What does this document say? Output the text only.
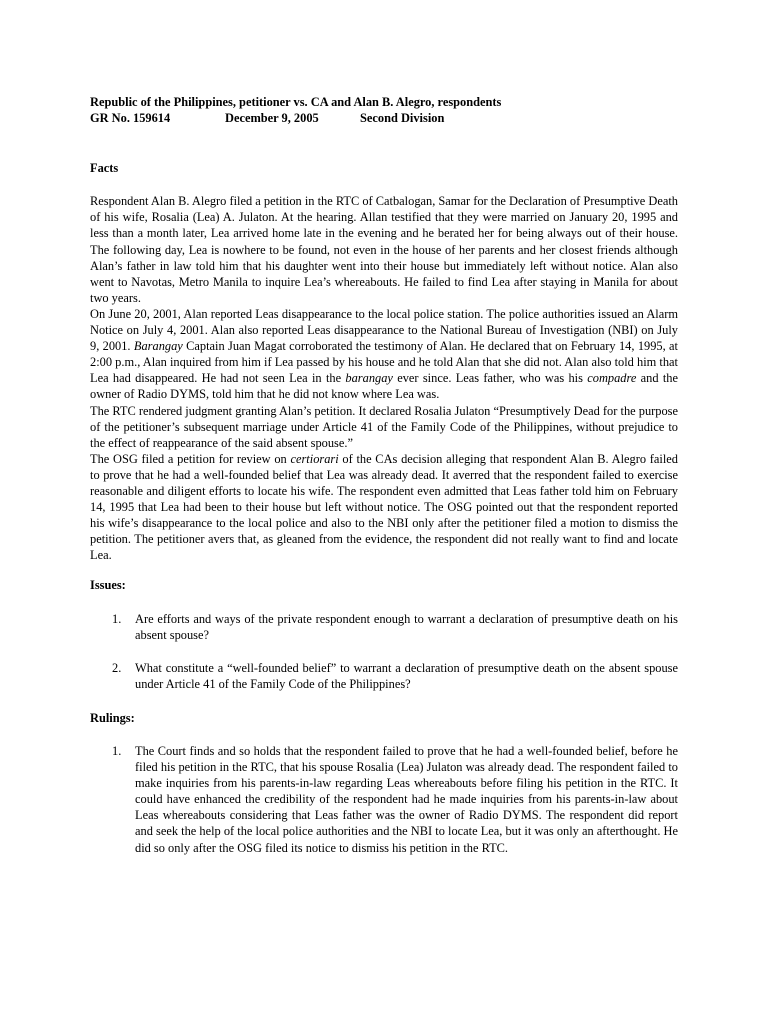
Republic of the Philippines, petitioner vs. CA and Alan B. Alegro, respondents
GR No. 159614	December 9, 2005	Second Division
Facts

Respondent Alan B. Alegro filed a petition in the RTC of Catbalogan, Samar for the Declaration of Presumptive Death of his wife, Rosalia (Lea) A. Julaton. At the hearing. Allan testified that they were married on January 20, 1995 and less than a month later, Lea arrived home late in the evening and he berated her for being always out of their house. The following day, Lea is nowhere to be found, not even in the house of her parents and her closest friends although Alan’s father in law told him that his daughter went into their house but immediately left without notice. Alan also went to Navotas, Metro Manila to inquire Lea’s whereabouts. He failed to find Lea after staying in Manila for about two years.

On June 20, 2001, Alan reported Leas disappearance to the local police station. The police authorities issued an Alarm Notice on July 4, 2001. Alan also reported Leas disappearance to the National Bureau of Investigation (NBI) on July 9, 2001. Barangay Captain Juan Magat corroborated the testimony of Alan. He declared that on February 14, 1995, at 2:00 p.m., Alan inquired from him if Lea passed by his house and he told Alan that she did not. Alan also told him that Lea had disappeared. He had not seen Lea in the barangay ever since. Leas father, who was his compadre and the owner of Radio DYMS, told him that he did not know where Lea was.

The RTC rendered judgment granting Alan’s petition. It declared Rosalia Julaton “Presumptively Dead for the purpose of the petitioner’s subsequent marriage under Article 41 of the Family Code of the Philippines, without prejudice to the effect of reappearance of the said absent spouse.”

The OSG filed a petition for review on certiorari of the CAs decision alleging that respondent Alan B. Alegro failed to prove that he had a well-founded belief that Lea was already dead. It averred that the respondent failed to exercise reasonable and diligent efforts to locate his wife. The respondent even admitted that Leas father told him on February 14, 1995 that Lea had been to their house but left without notice. The OSG pointed out that the respondent reported his wife’s disappearance to the local police and also to the NBI only after the petitioner filed a motion to dismiss the petition. The petitioner avers that, as gleaned from the evidence, the respondent did not really want to find and locate Lea.

Issues:
1. Are efforts and ways of the private respondent enough to warrant a declaration of presumptive death on his absent spouse?
2. What constitute a “well-founded belief” to warrant a declaration of presumptive death on the absent spouse under Article 41 of the Family Code of the Philippines?
Rulings:
1. The Court finds and so holds that the respondent failed to prove that he had a well-founded belief, before he filed his petition in the RTC, that his spouse Rosalia (Lea) Julaton was already dead. The respondent failed to make inquiries from his parents-in-law regarding Leas whereabouts before filing his petition in the RTC. It could have enhanced the credibility of the respondent had he made inquiries from his parents-in-law about Leas whereabouts considering that Leas father was the owner of Radio DYMS. The respondent did report and seek the help of the local police authorities and the NBI to locate Lea, but it was only an afterthought. He did so only after the OSG filed its notice to dismiss his petition in the RTC.
